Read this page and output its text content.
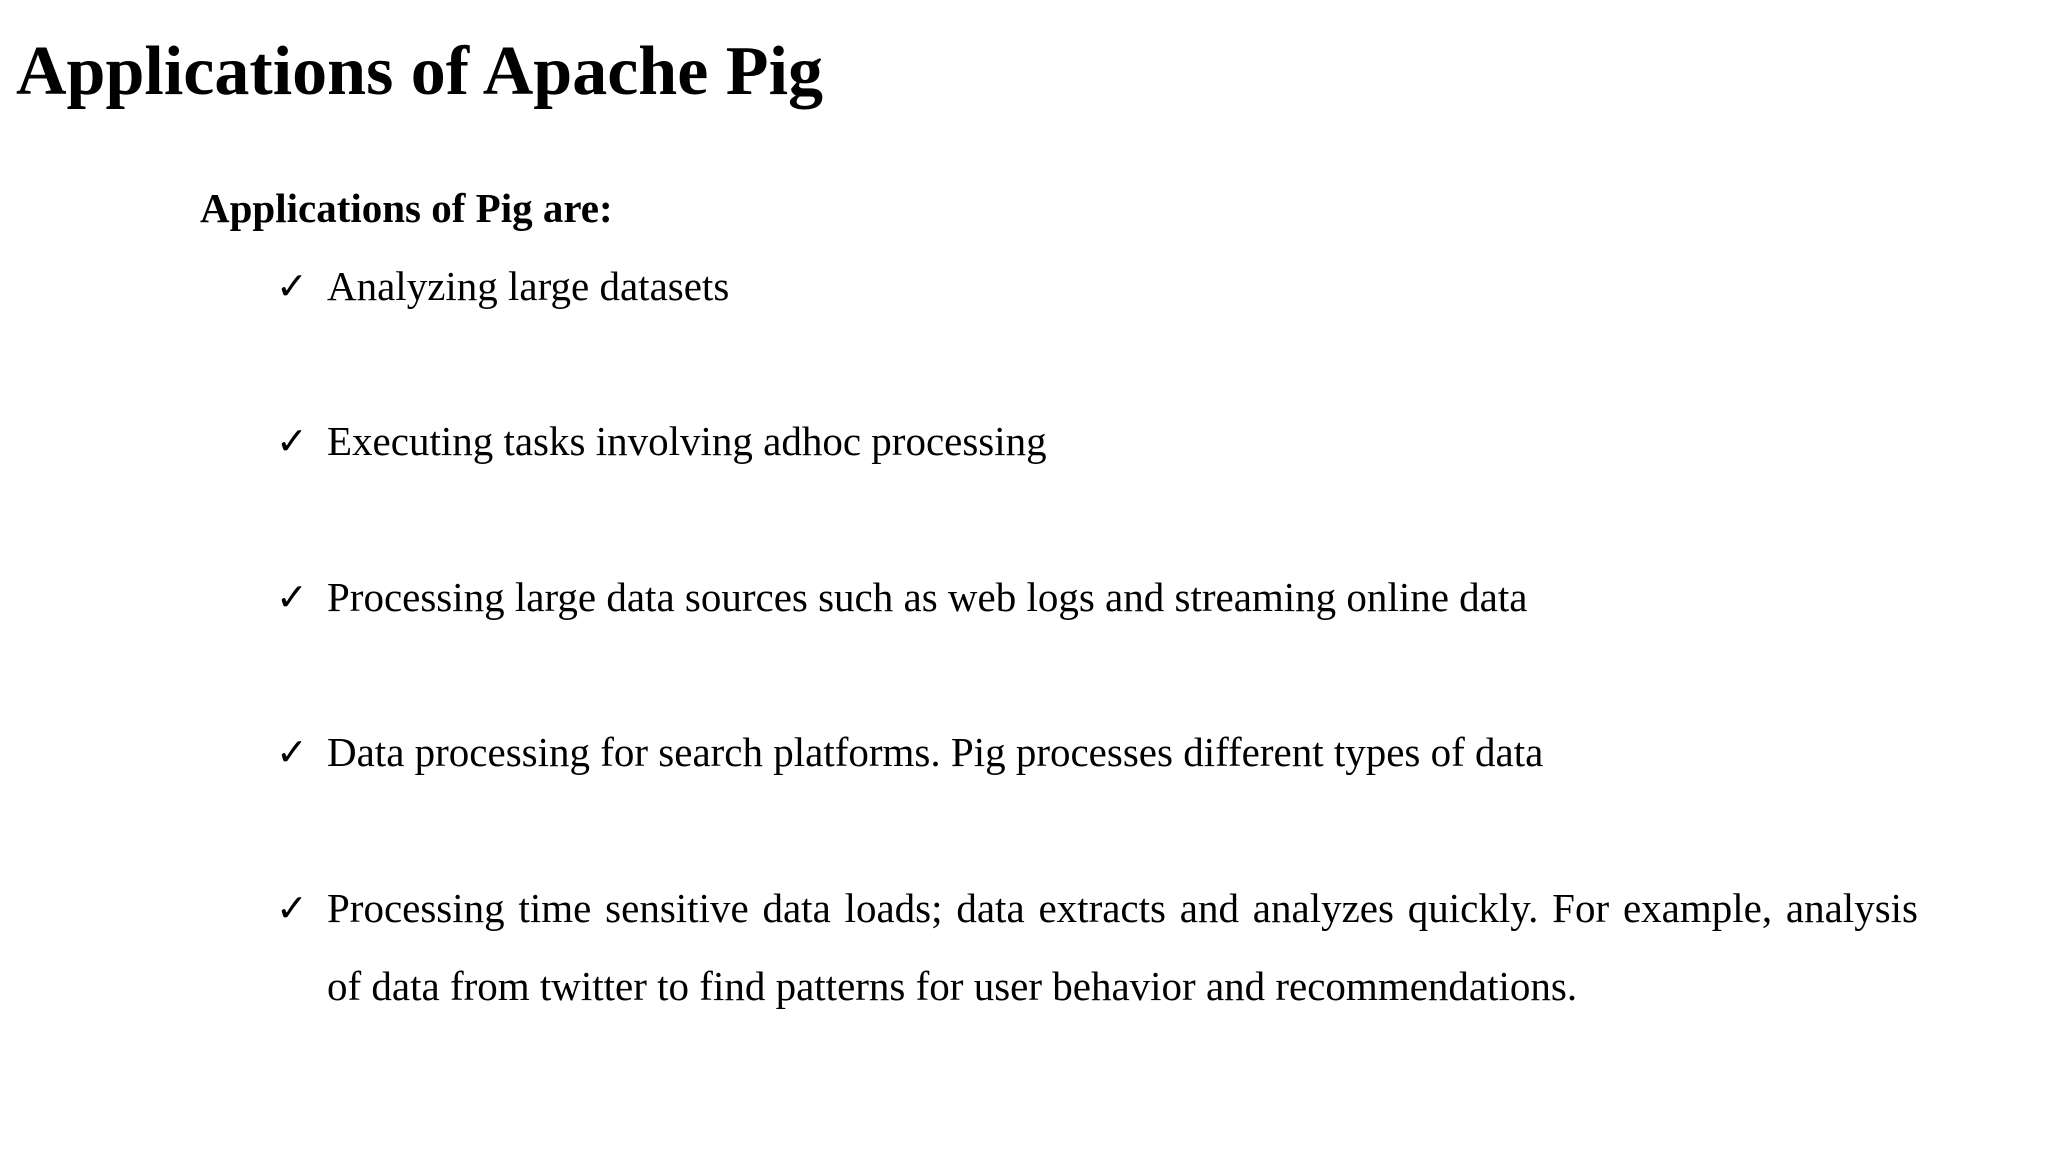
Applications of Apache Pig
Applications of Pig are:
✓ Analyzing large datasets
✓ Executing tasks involving adhoc processing
✓ Processing large data sources such as web logs and streaming online data
✓ Data processing for search platforms. Pig processes different types of data
✓ Processing time sensitive data loads; data extracts and analyzes quickly. For example, analysis of data from twitter to find patterns for user behavior and recommendations.
